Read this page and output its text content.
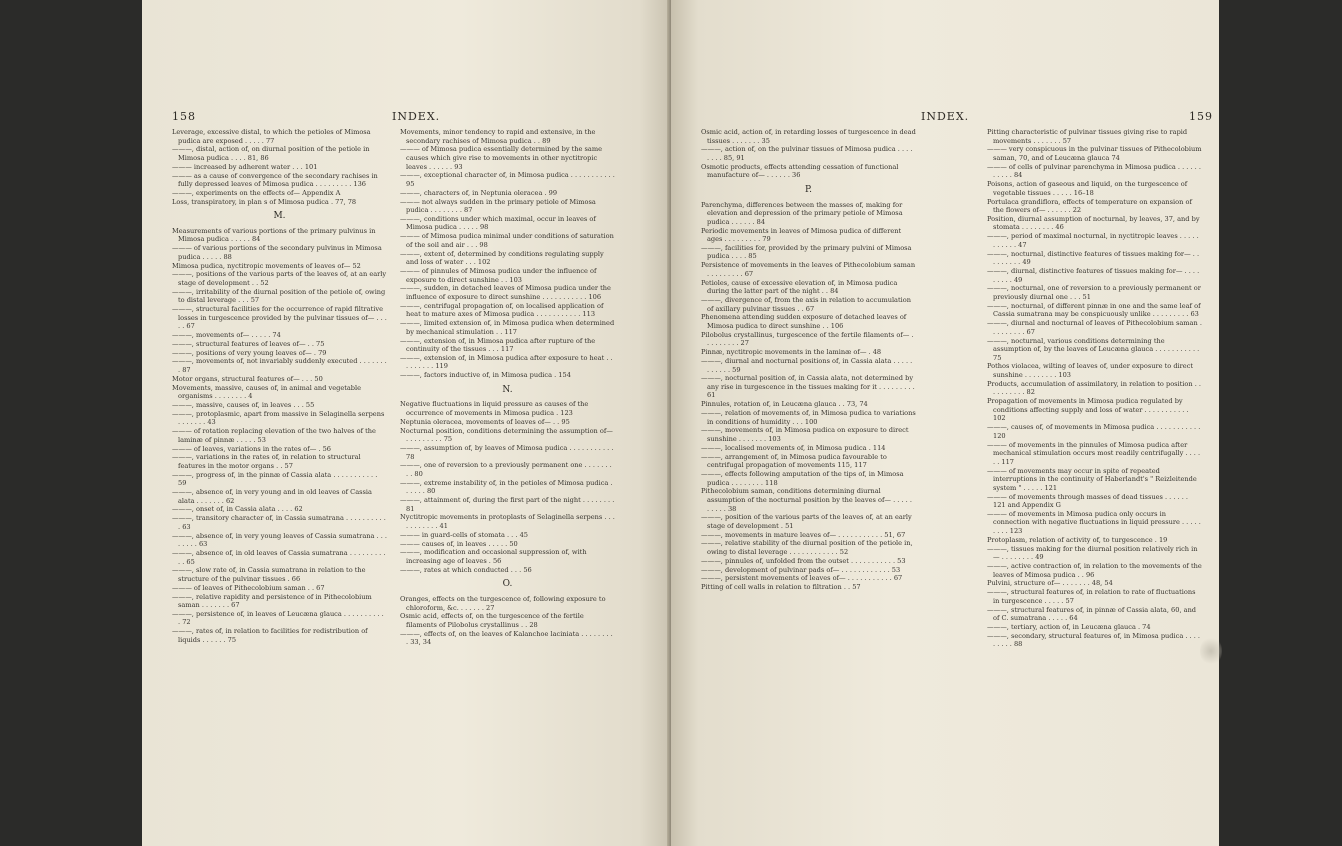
158	INDEX.
Leverage, excessive distal, to which the petioles of Mimosa pudica are exposed . . . . . 77
———, distal, action of, on diurnal position of the petiole in Mimosa pudica . . . . 81, 86
——— increased by adherent water . . . 101
——— as a cause of convergence of the secondary rachises in fully depressed leaves of Mimosa pudica . . . . . . . . . 136
———, experiments on the effects of— Appendix A
Loss, transpiratory, in plan s of Mimosa pudica . 77, 78
M.
Measurements of various portions of the primary pulvinus in Mimosa pudica . . . . . 84
——— of various portions of the secondary pulvinus in Mimosa pudica . . . . . 88
Mimosa pudica, nyctitropic movements of leaves of— 52
———, positions of the various parts of the leaves of, at an early stage of development . . 52
———, irritability of the diurnal position of the petiole of, owing to distal leverage . . . 57
———, structural facilities for the occurrence of rapid filtrative losses in turgescence provided by the pulvinar tissues of— . . . . . 67
———, movements of— . . . . . 74
———, structural features of leaves of— . . 75
———, positions of very young leaves of— . 79
———, movements of, not invariably suddenly executed . . . . . . . . 87
Motor organs, structural features of— . . . 50
Movements, massive, causes of, in animal and vegetable organisms . . . . . . . . 4
———, massive, causes of, in leaves . . . 55
———, protoplasmic, apart from massive in Selaginella serpens . . . . . . . 43
——— of rotation replacing elevation of the two halves of the laminæ of pinnæ . . . . . 53
——— of leaves, variations in the rates of— . 56
———, variations in the rates of, in relation to structural features in the motor organs . . 57
———, progress of, in the pinnæ of Cassia alata . . . . . . . . . . . 59
———, absence of, in very young and in old leaves of Cassia alata . . . . . . . 62
———, onset of, in Cassia alata . . . . 62
———, transitory character of, in Cassia sumatrana . . . . . . . . . . . 63
———, absence of, in very young leaves of Cassia sumatrana . . . . . . . . 63
———, absence of, in old leaves of Cassia sumatrana . . . . . . . . . . . 65
———, slow rate of, in Cassia sumatrana in relation to the structure of the pulvinar tissues . 66
——— of leaves of Pithecolobium saman . . 67
———, relative rapidity and persistence of in Pithecolobium saman . . . . . . . 67
———, persistence of, in leaves of Leucæna glauca . . . . . . . . . . . 72
———, rates of, in relation to facilities for redistribution of liquids . . . . . . 75
Movements, minor tendency to rapid and extensive, in the secondary rachises of Mimosa pudica . . 89
——— of Mimosa pudica essentially determined by the same causes which give rise to movements in other nyctitropic leaves . . . . . . 93
———, exceptional character of, in Mimosa pudica . . . . . . . . . . . 95
———, characters of, in Neptunia oleracea . 99
——— not always sudden in the primary petiole of Mimosa pudica . . . . . . . . 87
———, conditions under which maximal, occur in leaves of Mimosa pudica . . . . . 98
——— of Mimosa pudica minimal under conditions of saturation of the soil and air . . . 98
———, extent of, determined by conditions regulating supply and loss of water . . . 102
——— of pinnules of Mimosa pudica under the influence of exposure to direct sunshine . . 103
———, sudden, in detached leaves of Mimosa pudica under the influence of exposure to direct sunshine . . . . . . . . . . . 106
———, centrifugal propagation of, on localised application of heat to mature axes of Mimosa pudica . . . . . . . . . . . 113
———, limited extension of, in Mimosa pudica when determined by mechanical stimulation . . 117
———, extension of, in Mimosa pudica after rupture of the continuity of the tissues . . . 117
———, extension of, in Mimosa pudica after exposure to heat . . . . . . . . . 119
———, factors inductive of, in Mimosa pudica . 154
N.
Negative fluctuations in liquid pressure as causes of the occurrence of movements in Mimosa pudica . 123
Neptunia oleracea, movements of leaves of— . . 95
Nocturnal position, conditions determining the assumption of— . . . . . . . . . 75
———, assumption of, by leaves of Mimosa pudica . . . . . . . . . . . 78
———, one of reversion to a previously permanent one . . . . . . . . . 80
———, extreme instability of, in the petioles of Mimosa pudica . . . . . . 80
———, attainment of, during the first part of the night . . . . . . . . 81
Nyctitropic movements in protoplasts of Selaginella serpens . . . . . . . . . . . 41
——— in guard-cells of stomata . . . 45
——— causes of, in leaves . . . . . 50
———, modification and occasional suppression of, with increasing age of leaves . 56
———, rates at which conducted . . . 56
O.
Oranges, effects on the turgescence of, following exposure to chloroform, &c. . . . . . . 27
Osmic acid, effects of, on the turgescence of the fertile filaments of Pilobolus crystallinus . . 28
———, effects of, on the leaves of Kalanchoe laciniata . . . . . . . . . 33, 34
INDEX.	159
Osmic acid, action of, in retarding losses of turgescence in dead tissues . . . . . . . 35
———, action of, on the pulvinar tissues of Mimosa pudica . . . . . . . . 85, 91
Osmotic products, effects attending cessation of functional manufacture of— . . . . . . 36
P.
Parenchyma, differences between the masses of, making for elevation and depression of the primary petiole of Mimosa pudica . . . . . . 84
Periodic movements in leaves of Mimosa pudica of different ages . . . . . . . . . 79
———, facilities for, provided by the primary pulvini of Mimosa pudica . . . . 85
Persistence of movements in the leaves of Pithecolobium saman . . . . . . . . . 67
Petioles, cause of excessive elevation of, in Mimosa pudica during the latter part of the night . . 84
———, divergence of, from the axis in relation to accumulation of axillary pulvinar tissues . . 67
Phenomena attending sudden exposure of detached leaves of Mimosa pudica to direct sunshine . . 106
Pilobolus crystallinus, turgescence of the fertile filaments of— . . . . . . . . . 27
Pinnæ, nyctitropic movements in the laminæ of— . 48
———, diurnal and nocturnal positions of, in Cassia alata . . . . . . . . . . . 59
———, nocturnal position of, in Cassia alata, not determined by any rise in turgescence in the tissues making for it . . . . . . . . . 61
Pinnules, rotation of, in Leucæna glauca . . 73, 74
———, relation of movements of, in Mimosa pudica to variations in conditions of humidity . . . 100
———, movements of, in Mimosa pudica on exposure to direct sunshine . . . . . . . 103
———, localised movements of, in Mimosa pudica . 114
———, arrangement of, in Mimosa pudica favourable to centrifugal propagation of movements 115, 117
———, effects following amputation of the tips of, in Mimosa pudica . . . . . . . . 118
Pithecolobium saman, conditions determining diurnal assumption of the nocturnal position by the leaves of— . . . . . . . . . . 38
———, position of the various parts of the leaves of, at an early stage of development . 51
———, movements in mature leaves of— . . . . . . . . . . . 51, 67
———, relative stability of the diurnal position of the petiole in, owing to distal leverage . . . . . . . . . . . . 52
———, pinnules of, unfolded from the outset . . . . . . . . . . . 53
———, development of pulvinar pads of— . . . . . . . . . . . . 53
———, persistent movements of leaves of— . . . . . . . . . . . 67
Pitting of cell walls in relation to filtration . . 57
Pitting characteristic of pulvinar tissues giving rise to rapid movements . . . . . . . 57
——— very conspicuous in the pulvinar tissues of Pithecolobium saman, 70, and of Leucæna glauca 74
——— of cells of pulvinar parenchyma in Mimosa pudica . . . . . . . . . . . 84
Poisons, action of gaseous and liquid, on the turgescence of vegetable tissues . . . . . 16–18
Portulaca grandiflora, effects of temperature on expansion of the flowers of— . . . . . . 22
Position, diurnal assumption of nocturnal, by leaves, 37, and by stomata . . . . . . . . 46
———, period of maximal nocturnal, in nyctitropic leaves . . . . . . . . . . . 47
———, nocturnal, distinctive features of tissues making for— . . . . . . . . . 49
———, diurnal, distinctive features of tissues making for— . . . . . . . . . 49
———, nocturnal, one of reversion to a previously permanent or previously diurnal one . . . 51
———, nocturnal, of different pinnæ in one and the same leaf of Cassia sumatrana may be conspicuously unlike . . . . . . . . . 63
———, diurnal and nocturnal of leaves of Pithecolobium saman . . . . . . . . . 67
———, nocturnal, various conditions determining the assumption of, by the leaves of Leucæna glauca . . . . . . . . . . . 75
Pothos violacea, wilting of leaves of, under exposure to direct sunshine . . . . . . . . 103
Products, accumulation of assimilatory, in relation to position . . . . . . . . . . 82
Propagation of movements in Mimosa pudica regulated by conditions affecting supply and loss of water . . . . . . . . . . . 102
———, causes of, of movements in Mimosa pudica . . . . . . . . . . . 120
——— of movements in the pinnules of Mimosa pudica after mechanical stimulation occurs most readily centrifugally . . . . . . 117
——— of movements may occur in spite of repeated interruptions in the continuity of Haberlandt's " Reizleitende system " . . . . . 121
——— of movements through masses of dead tissues . . . . . . 121 and Appendix G
——— of movements in Mimosa pudica only occurs in connection with negative fluctuations in liquid pressure . . . . . . . . . 123
Protoplasm, relation of activity of, to turgescence . 19
———, tissues making for the diurnal position relatively rich in— . . . . . . . . 49
———, active contraction of, in relation to the movements of the leaves of Mimosa pudica . . 96
Pulvini, structure of— . . . . . . . 48, 54
———, structural features of, in relation to rate of fluctuations in turgescence . . . . . 57
———, structural features of, in pinnæ of Cassia alata, 60, and of C. sumatrana . . . . . 64
———, tertiary, action of, in Leucæna glauca . 74
———, secondary, structural features of, in Mimosa pudica . . . . . . . . . 88
